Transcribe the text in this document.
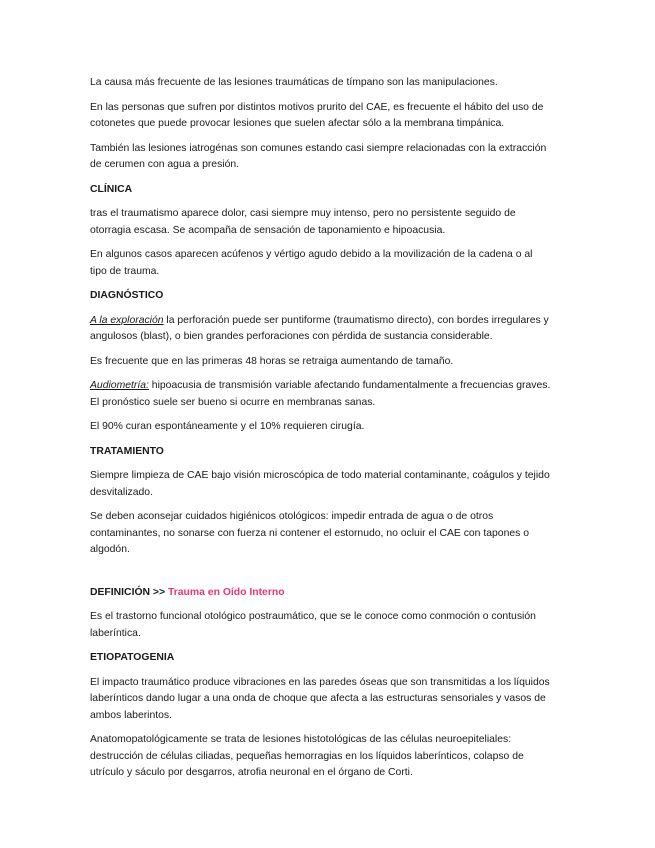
La causa más frecuente de las lesiones traumáticas de tímpano son las manipulaciones.

En las personas que sufren por distintos motivos prurito del CAE, es frecuente el hábito del uso de cotonetes que puede provocar lesiones que suelen afectar sólo a la membrana timpánica.

También las lesiones iatrogénas son comunes estando casi siempre relacionadas con la extracción de cerumen con agua a presión.

CLÍNICA

tras el traumatismo aparece dolor, casi siempre muy intenso, pero no persistente seguido de otorragia escasa. Se acompaña de sensación de taponamiento e hipoacusia.

En algunos casos aparecen acúfenos y vértigo agudo debido a la movilización de la cadena o al tipo de trauma.

DIAGNÓSTICO

A la exploración la perforación puede ser puntiforme (traumatismo directo), con bordes irregulares y angulosos (blast), o bien grandes perforaciones con pérdida de sustancia considerable.

Es frecuente que en las primeras 48 horas se retraiga aumentando de tamaño.

Audiometría: hipoacusia de transmisión variable afectando fundamentalmente a frecuencias graves. El pronóstico suele ser bueno si ocurre en membranas sanas.

El 90% curan espontáneamente y el 10% requieren cirugía.

TRATAMIENTO

Siempre limpieza de CAE bajo visión microscópica de todo material contaminante, coágulos y tejido desvitalizado.

Se deben aconsejar cuidados higiénicos otológicos: impedir entrada de agua o de otros contaminantes, no sonarse con fuerza ni contener el estornudo, no ocluir el CAE con tapones o algodón.

DEFINICIÓN >> Trauma en Oído Interno

Es el trastorno funcional otológico postraumático, que se le conoce como conmoción o contusión laberíntica.

ETIOPATOGENIA

El impacto traumático produce vibraciones en las paredes óseas que son transmitidas a los líquidos laberínticos dando lugar a una onda de choque que afecta a las estructuras sensoriales y vasos de ambos laberintos.

Anatomopatológicamente se trata de lesiones histotológicas de las células neuroepiteliales: destrucción de células ciliadas, pequeñas hemorragias en los líquidos laberínticos, colapso de utrículo y sáculo por desgarros, atrofia neuronal en el órgano de Corti.
